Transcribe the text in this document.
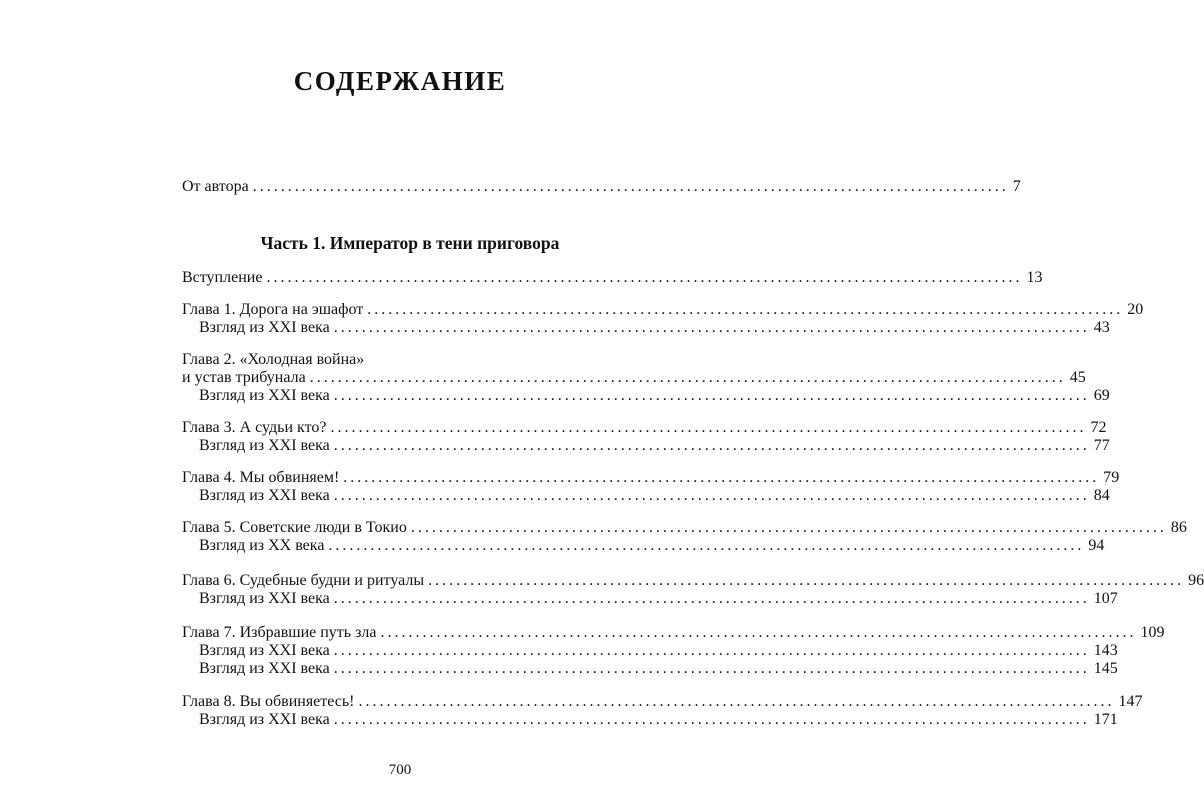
СОДЕРЖАНИЕ
От автора ............................................................................................................ 7
Часть 1. Император в тени приговора
Вступление ............................................................................................................ 13
Глава 1. Дорога на эшафот ............................................................................................................ 20
Взгляд из XXI века ............................................................................................................ 43
Глава 2. «Холодная война»
и устав трибунала ............................................................................................................ 45
Взгляд из XXI века ............................................................................................................ 69
Глава 3. А судьи кто? ............................................................................................................ 72
Взгляд из XXI века ............................................................................................................ 77
Глава 4. Мы обвиняем! ............................................................................................................ 79
Взгляд из XXI века ............................................................................................................ 84
Глава 5. Советские люди в Токио ............................................................................................................ 86
Взгляд из XX века ............................................................................................................ 94
Глава 6. Судебные будни и ритуалы ............................................................................................................ 96
Взгляд из XXI века ............................................................................................................ 107
Глава 7. Избравшие путь зла ............................................................................................................ 109
Взгляд из XXI века ............................................................................................................ 143
Взгляд из XXI века ............................................................................................................ 145
Глава 8. Вы обвиняетесь! ............................................................................................................ 147
Взгляд из XXI века ............................................................................................................ 171
700
